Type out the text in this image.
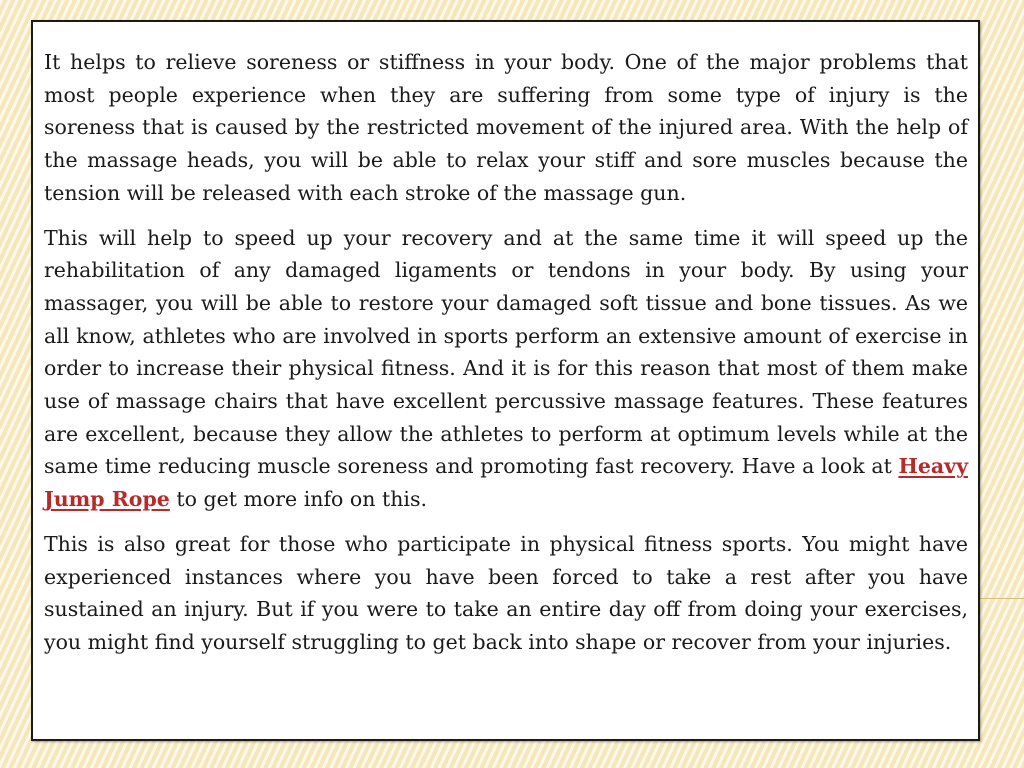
It helps to relieve soreness or stiffness in your body. One of the major problems that most people experience when they are suffering from some type of injury is the soreness that is caused by the restricted movement of the injured area. With the help of the massage heads, you will be able to relax your stiff and sore muscles because the tension will be released with each stroke of the massage gun.

This will help to speed up your recovery and at the same time it will speed up the rehabilitation of any damaged ligaments or tendons in your body. By using your massager, you will be able to restore your damaged soft tissue and bone tissues. As we all know, athletes who are involved in sports perform an extensive amount of exercise in order to increase their physical fitness. And it is for this reason that most of them make use of massage chairs that have excellent percussive massage features. These features are excellent, because they allow the athletes to perform at optimum levels while at the same time reducing muscle soreness and promoting fast recovery. Have a look at Heavy Jump Rope to get more info on this.

This is also great for those who participate in physical fitness sports. You might have experienced instances where you have been forced to take a rest after you have sustained an injury. But if you were to take an entire day off from doing your exercises, you might find yourself struggling to get back into shape or recover from your injuries.
